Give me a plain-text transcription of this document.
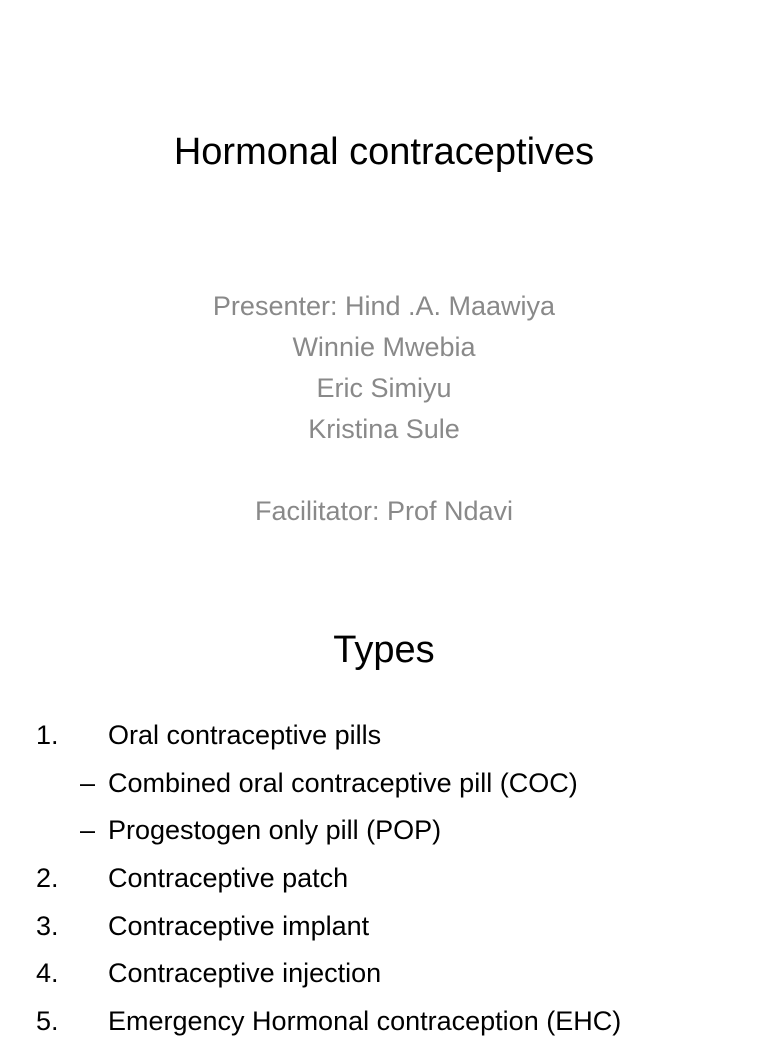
Hormonal contraceptives
Presenter: Hind .A. Maawiya
Winnie Mwebia
Eric Simiyu
Kristina Sule
Facilitator: Prof Ndavi
Types
1. Oral contraceptive pills
– Combined oral contraceptive pill (COC)
– Progestogen only pill (POP)
2. Contraceptive patch
3. Contraceptive implant
4. Contraceptive injection
5. Emergency Hormonal contraception (EHC)
